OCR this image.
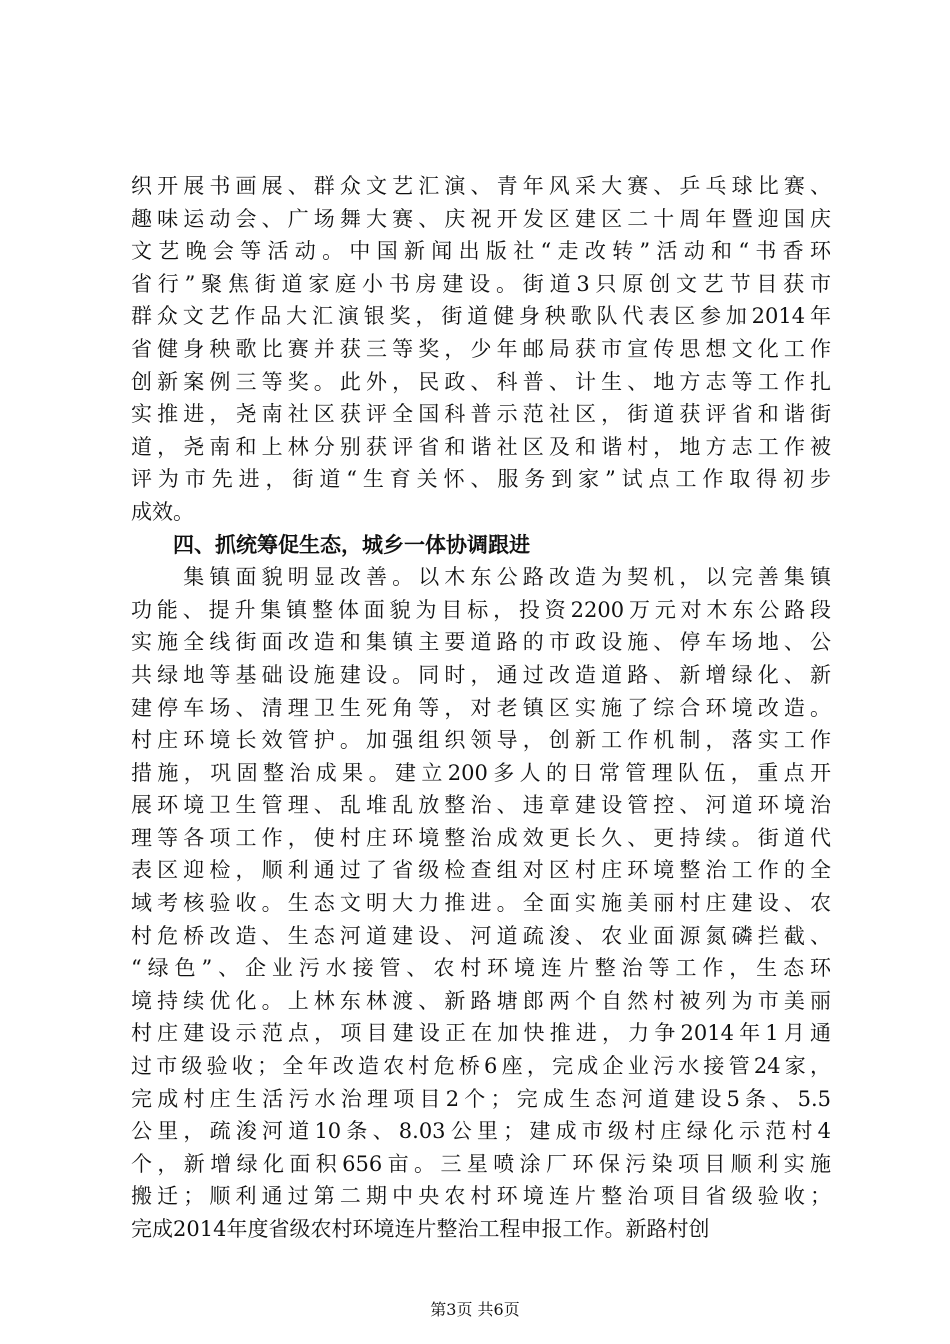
织开展书画展、群众文艺汇演、青年风采大赛、乒乓球比赛、
趣味运动会、广场舞大赛、庆祝开发区建区二十周年暨迎国庆
文艺晚会等活动。中国新闻出版社“走改转”活动和“书香环
省行”聚焦街道家庭小书房建设。街道3只原创文艺节目获市
群众文艺作品大汇演银奖，街道健身秧歌队代表区参加2014年
省健身秧歌比赛并获三等奖，少年邮局获市宣传思想文化工作
创新案例三等奖。此外，民政、科普、计生、地方志等工作扎
实推进，尧南社区获评全国科普示范社区，街道获评省和谐街
道，尧南和上林分别获评省和谐社区及和谐村，地方志工作被
评为市先进，街道“生育关怀、服务到家”试点工作取得初步
成效。
　　四、抓统筹促生态，城乡一体协调跟进
　　集镇面貌明显改善。以木东公路改造为契机，以完善集镇
功能、提升集镇整体面貌为目标，投资2200万元对木东公路段
实施全线街面改造和集镇主要道路的市政设施、停车场地、公
共绿地等基础设施建设。同时，通过改造道路、新增绿化、新
建停车场、清理卫生死角等，对老镇区实施了综合环境改造。
村庄环境长效管护。加强组织领导，创新工作机制，落实工作
措施，巩固整治成果。建立200多人的日常管理队伍，重点开
展环境卫生管理、乱堆乱放整治、违章建设管控、河道环境治
理等各项工作，使村庄环境整治成效更长久、更持续。街道代
表区迎检，顺利通过了省级检查组对区村庄环境整治工作的全
域考核验收。生态文明大力推进。全面实施美丽村庄建设、农
村危桥改造、生态河道建设、河道疏浚、农业面源氮磷拦截、
“绿色”、企业污水接管、农村环境连片整治等工作，生态环
境持续优化。上林东林渡、新路塘郎两个自然村被列为市美丽
村庄建设示范点，项目建设正在加快推进，力争2014年1月通
过市级验收；全年改造农村危桥6座，完成企业污水接管24家，
完成村庄生活污水治理项目2个；完成生态河道建设5条、5.5
公里，疏浚河道10条、8.03公里；建成市级村庄绿化示范村4
个，新增绿化面积656亩。三星喷涂厂环保污染项目顺利实施
搬迁；顺利通过第二期中央农村环境连片整治项目省级验收；
完成2014年度省级农村环境连片整治工程申报工作。新路村创
第3页 共6页
